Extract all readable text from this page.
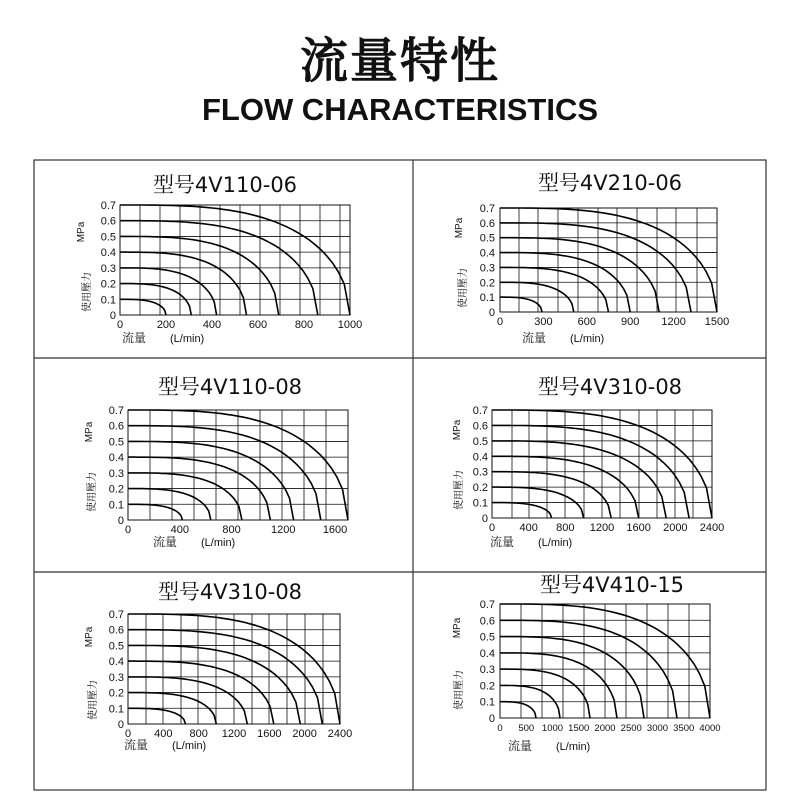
流量特性
FLOW CHARACTERISTICS
型号4V110-06
0
0.1
0.2
0.3
0.4
0.5
0.6
0.7
0	200	400	600	800 1000
MPa
使用壓力
流量 (L/min)
型号4V210-06
0
0.1
0.2
0.3
0.4
0.5
0.6
0.7
0	300 600 900 1200 1500
MPa
使用壓力
流量 (L/min)
型号4V110-08
0
0.1
0.2
0.3
0.4
0.5
0.6
0.7
0	400	800	1200 1600
MPa
使用壓力
流量 (L/min)
型号4V310-08
0
0.1
0.2
0.3
0.4
0.5
0.6
0.7
0 400 800 1200 1600 2000 2400
MPa
使用壓力
流量 (L/min)
型号4V310-08
0
0.1
0.2
0.3
0.4
0.5
0.6
0.7
0 400 800 1200 1600 2000 2400
MPa
使用壓力
流量 (L/min)
型号4V410-15
0
0.1
0.2
0.3
0.4
0.5
0.6
0.7
0 500 1000 1500 2000 2500 3000 3500 4000
MPa
使用壓力
流量 (L/min)
